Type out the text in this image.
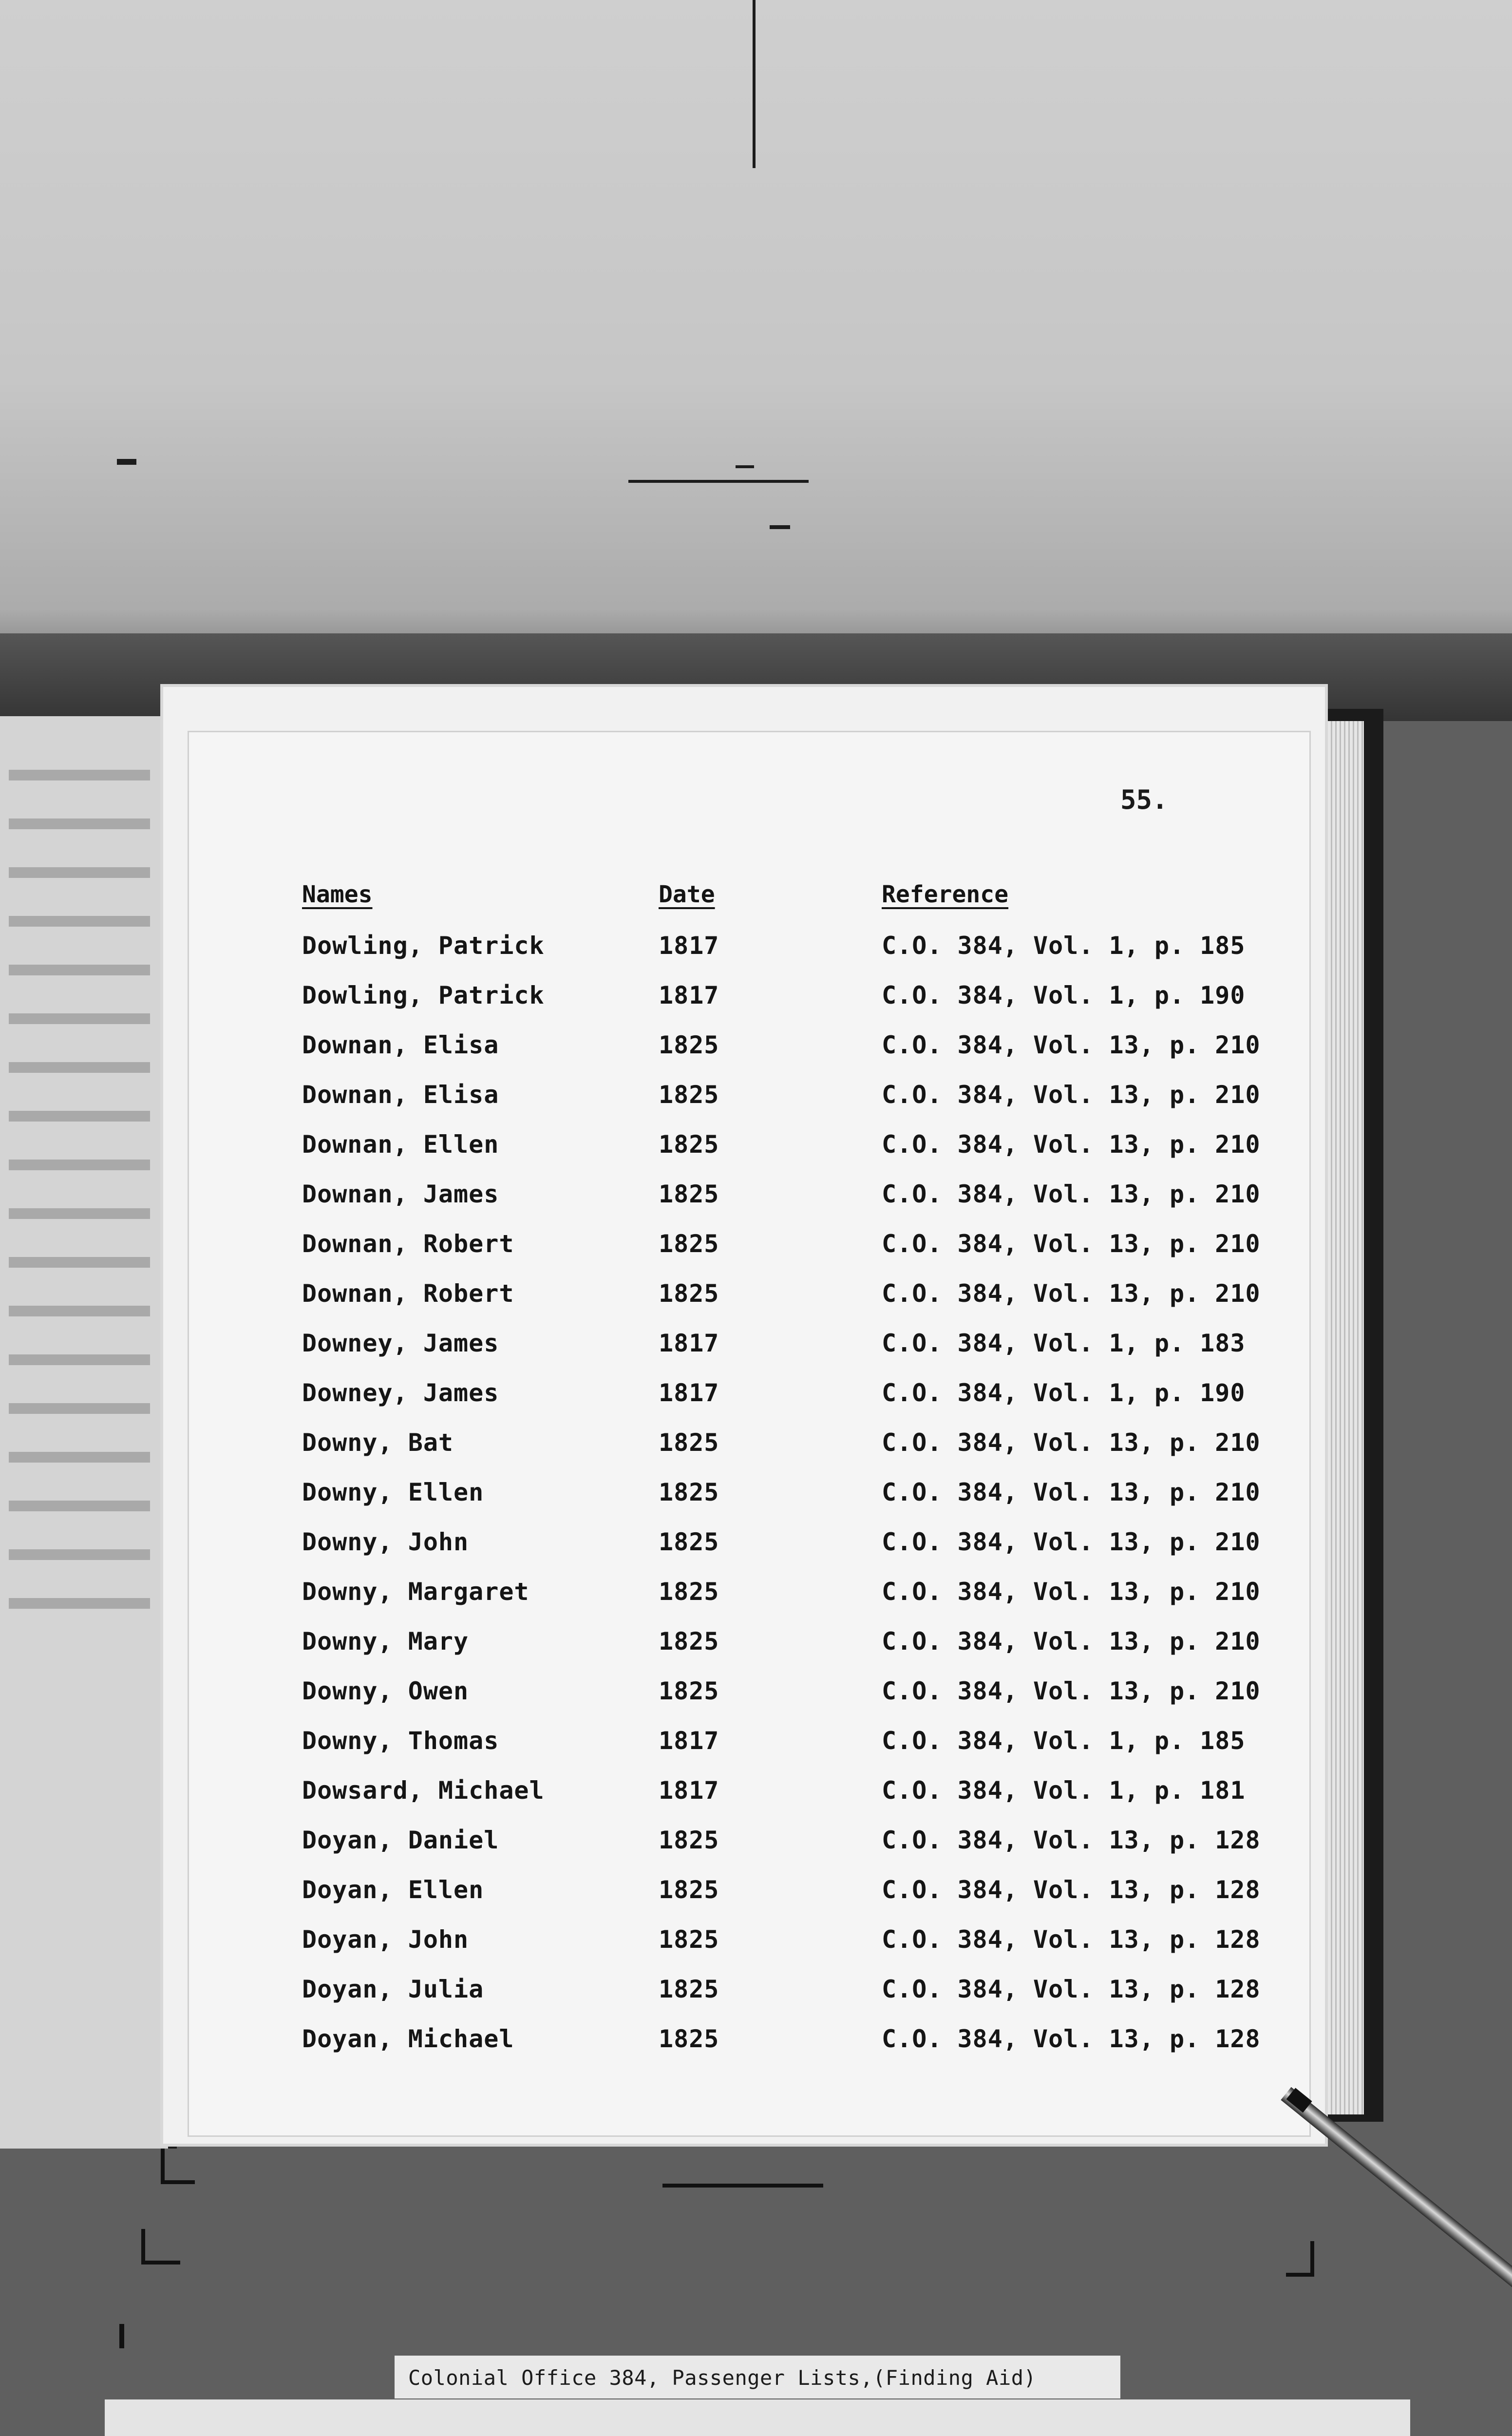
55.
Names	Date	Reference
Dowling, Patrick	1817	C.O. 384, Vol. 1, p. 185
Dowling, Patrick	1817	C.O. 384, Vol. 1, p. 190
Downan, Elisa	1825	C.O. 384, Vol. 13, p. 210
Downan, Elisa	1825	C.O. 384, Vol. 13, p. 210
Downan, Ellen	1825	C.O. 384, Vol. 13, p. 210
Downan, James	1825	C.O. 384, Vol. 13, p. 210
Downan, Robert	1825	C.O. 384, Vol. 13, p. 210
Downan, Robert	1825	C.O. 384, Vol. 13, p. 210
Downey, James	1817	C.O. 384, Vol. 1, p. 183
Downey, James	1817	C.O. 384, Vol. 1, p. 190
Downy, Bat	1825	C.O. 384, Vol. 13, p. 210
Downy, Ellen	1825	C.O. 384, Vol. 13, p. 210
Downy, John	1825	C.O. 384, Vol. 13, p. 210
Downy, Margaret	1825	C.O. 384, Vol. 13, p. 210
Downy, Mary	1825	C.O. 384, Vol. 13, p. 210
Downy, Owen	1825	C.O. 384, Vol. 13, p. 210
Downy, Thomas	1817	C.O. 384, Vol. 1, p. 185
Dowsard, Michael	1817	C.O. 384, Vol. 1, p. 181
Doyan, Daniel	1825	C.O. 384, Vol. 13, p. 128
Doyan, Ellen	1825	C.O. 384, Vol. 13, p. 128
Doyan, John	1825	C.O. 384, Vol. 13, p. 128
Doyan, Julia	1825	C.O. 384, Vol. 13, p. 128
Doyan, Michael	1825	C.O. 384, Vol. 13, p. 128
Colonial Office 384, Passenger Lists,(Finding Aid)
